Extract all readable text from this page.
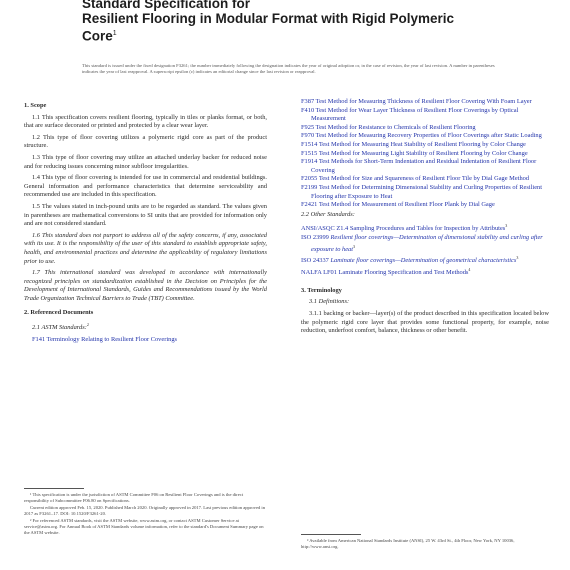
Standard Specification for
Resilient Flooring in Modular Format with Rigid Polymeric
Core$^1$
This standard is issued under the fixed designation F3261; the number immediately following the designation indicates the year of original adoption or, in the case of revision, the year of last revision. A number in parentheses indicates the year of last reapproval. A superscript epsilon (ε) indicates an editorial change since the last revision or reapproval.
1. Scope

1.1 This specification covers resilient flooring, typically in tiles or planks format, or both, that are surface decorated or printed and protected by a clear wear layer.

1.2 This type of floor covering utilizes a polymeric rigid core as part of the product structure.

1.3 This type of floor covering may utilize an attached underlay backer for reduced noise and for reducing issues concerning minor subfloor irregularities.

1.4 This type of floor covering is intended for use in commercial and residential buildings. General information and performance characteristics that determine serviceability and recommended use are included in this specification.

1.5 The values stated in inch-pound units are to be regarded as standard. The values given in parentheses are mathematical conversions to SI units that are provided for information only and are not considered standard.

1.6 This standard does not purport to address all of the safety concerns, if any, associated with its use. It is the responsibility of the user of this standard to establish appropriate safety, health, and environmental practices and determine the applicability of regulatory limitations prior to use.

1.7 This international standard was developed in accordance with internationally recognized principles on standardization established in the Decision on Principles for the Development of International Standards, Guides and Recommendations issued by the World Trade Organization Technical Barriers to Trade (TBT) Committee.

2. Referenced Documents

2.1 ASTM Standards:$^2$

F141 Terminology Relating to Resilient Floor Coverings

¹ This specification is under the jurisdiction of ASTM Committee F06 on Resilient Floor Coverings and is the direct responsibility of Subcommittee F06.80 on Specifications.

Current edition approved Feb. 15, 2020. Published March 2020. Originally approved in 2017. Last previous edition approved in 2017 as F3261–17. DOI: 10.1520/F3261-20.

² For referenced ASTM standards, visit the ASTM website, www.astm.org, or contact ASTM Customer Service at service@astm.org. For Annual Book of ASTM Standards volume information, refer to the standard's Document Summary page on the ASTM website.

F387 Test Method for Measuring Thickness of Resilient Floor Covering With Foam Layer

F410 Test Method for Wear Layer Thickness of Resilient Floor Coverings by Optical Measurement

F925 Test Method for Resistance to Chemicals of Resilient Flooring

F970 Test Method for Measuring Recovery Properties of Floor Coverings after Static Loading

F1514 Test Method for Measuring Heat Stability of Resilient Flooring by Color Change

F1515 Test Method for Measuring Light Stability of Resilient Flooring by Color Change

F1914 Test Methods for Short-Term Indentation and Residual Indentation of Resilient Floor Covering

F2055 Test Method for Size and Squareness of Resilient Floor Tile by Dial Gage Method

F2199 Test Method for Determining Dimensional Stability and Curling Properties of Resilient Flooring after Exposure to Heat

F2421 Test Method for Measurement of Resilient Floor Plank by Dial Gage

2.2 Other Standards:

ANSI/ASQC Z1.4 Sampling Procedures and Tables for Inspection by Attributes$^3$

ISO 23999 Resilient floor coverings—Determination of dimensional stability and curling after exposure to heat$^3$

ISO 24337 Laminate floor coverings—Determination of geometrical characteristics$^3$

NALFA LF01 Laminate Flooring Specification and Test Methods$^4$

3. Terminology

3.1 Definitions:

3.1.1 backing or backer—layer(s) of the product described in this specification located below the polymeric rigid core layer that provides some functional property, for example, noise reduction, underfoot comfort, balance, thickness or other benefit.

³ Available from American National Standards Institute (ANSI), 25 W. 43rd St., 4th Floor, New York, NY 10036, http://www.ansi.org.
